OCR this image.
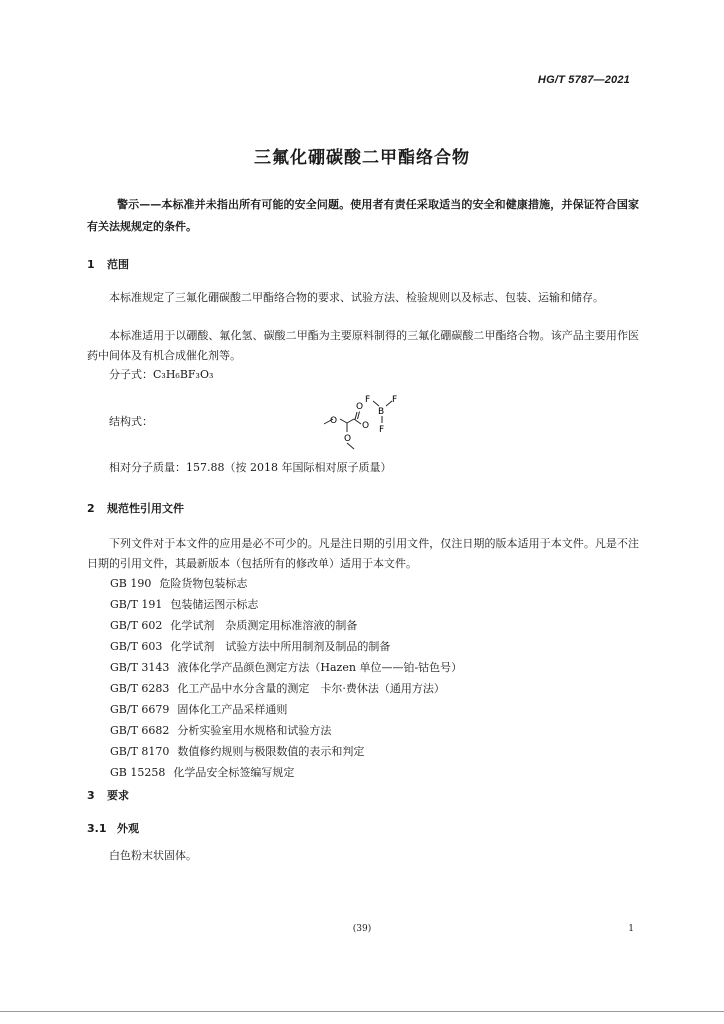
HG/T 5787—2021
三氟化硼碳酸二甲酯络合物
警示——本标准并未指出所有可能的安全问题。使用者有责任采取适当的安全和健康措施，并保证符合国家有关法规规定的条件。
1 范围
本标准规定了三氟化硼碳酸二甲酯络合物的要求、试验方法、检验规则以及标志、包装、运输和储存。
本标准适用于以硼酸、氟化氢、碳酸二甲酯为主要原料制得的三氟化硼碳酸二甲酯络合物。该产品主要用作医药中间体及有机合成催化剂等。
分子式：C₃H₆BF₃O₃
结构式：	O
O
O
O
F
B
F
F
相对分子质量：157.88（按 2018 年国际相对原子质量）
2 规范性引用文件
下列文件对于本文件的应用是必不可少的。凡是注日期的引用文件，仅注日期的版本适用于本文件。凡是不注日期的引用文件，其最新版本（包括所有的修改单）适用于本文件。
GB 190 危险货物包装标志
GB/T 191 包装储运图示标志
GB/T 602 化学试剂　杂质测定用标准溶液的制备
GB/T 603 化学试剂　试验方法中所用制剂及制品的制备
GB/T 3143 液体化学产品颜色测定方法（Hazen 单位——铂-钴色号）
GB/T 6283 化工产品中水分含量的测定　卡尔·费休法（通用方法）
GB/T 6679 固体化工产品采样通则
GB/T 6682 分析实验室用水规格和试验方法
GB/T 8170 数值修约规则与极限数值的表示和判定
GB 15258 化学品安全标签编写规定
3 要求
3.1 外观
白色粉末状固体。
(39)	1
